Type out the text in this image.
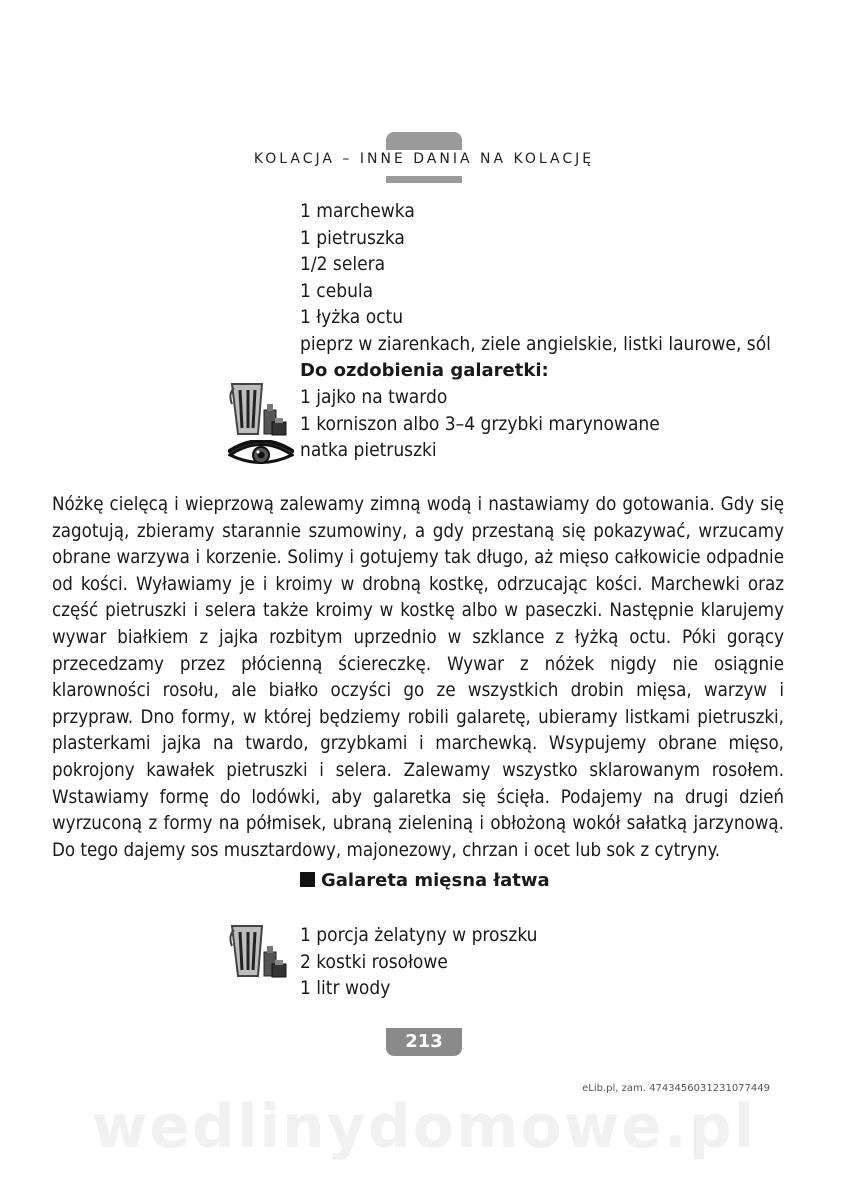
KOLACJA – INNE DANIA NA KOLACJĘ
1 marchewka
1 pietruszka
1/2 selera
1 cebula
1 łyżka octu
pieprz w ziarenkach, ziele angielskie, listki laurowe, sól
Do ozdobienia galaretki:
1 jajko na twardo
1 korniszon albo 3–4 grzybki marynowane
natka pietruszki
Nóżkę cielęcą i wieprzową zalewamy zimną wodą i nastawiamy do gotowania. Gdy się zagotują, zbieramy starannie szumowiny, a gdy przestaną się pokazywać, wrzucamy obrane warzywa i korzenie. Solimy i gotujemy tak długo, aż mięso całkowicie odpadnie od kości. Wyławiamy je i kroimy w drobną kostkę, odrzucając kości. Marchewki oraz część pietruszki i selera także kroimy w kostkę albo w paseczki. Następnie klarujemy wywar białkiem z jajka rozbitym uprzednio w szklance z łyżką octu. Póki gorący przecedzamy przez płócienną ściereczkę. Wywar z nóżek nigdy nie osiągnie klarowności rosołu, ale białko oczyści go ze wszystkich drobin mięsa, warzyw i przypraw. Dno formy, w której będziemy robili galaretę, ubieramy listkami pietruszki, plasterkami jajka na twardo, grzybkami i marchewką. Wsypujemy obrane mięso, pokrojony kawałek pietruszki i selera. Zalewamy wszystko sklarowanym rosołem. Wstawiamy formę do lodówki, aby galaretka się ścięła. Podajemy na drugi dzień wyrzuconą z formy na półmisek, ubraną zieleniną i obłożoną wokół sałatką jarzynową. Do tego dajemy sos musztardowy, majonezowy, chrzan i ocet lub sok z cytryny.
Galareta mięsna łatwa
1 porcja żelatyny w proszku
2 kostki rosołowe
1 litr wody
213
eLib.pl, zam. 4743456031231077449
wedlinydomowe.pl
